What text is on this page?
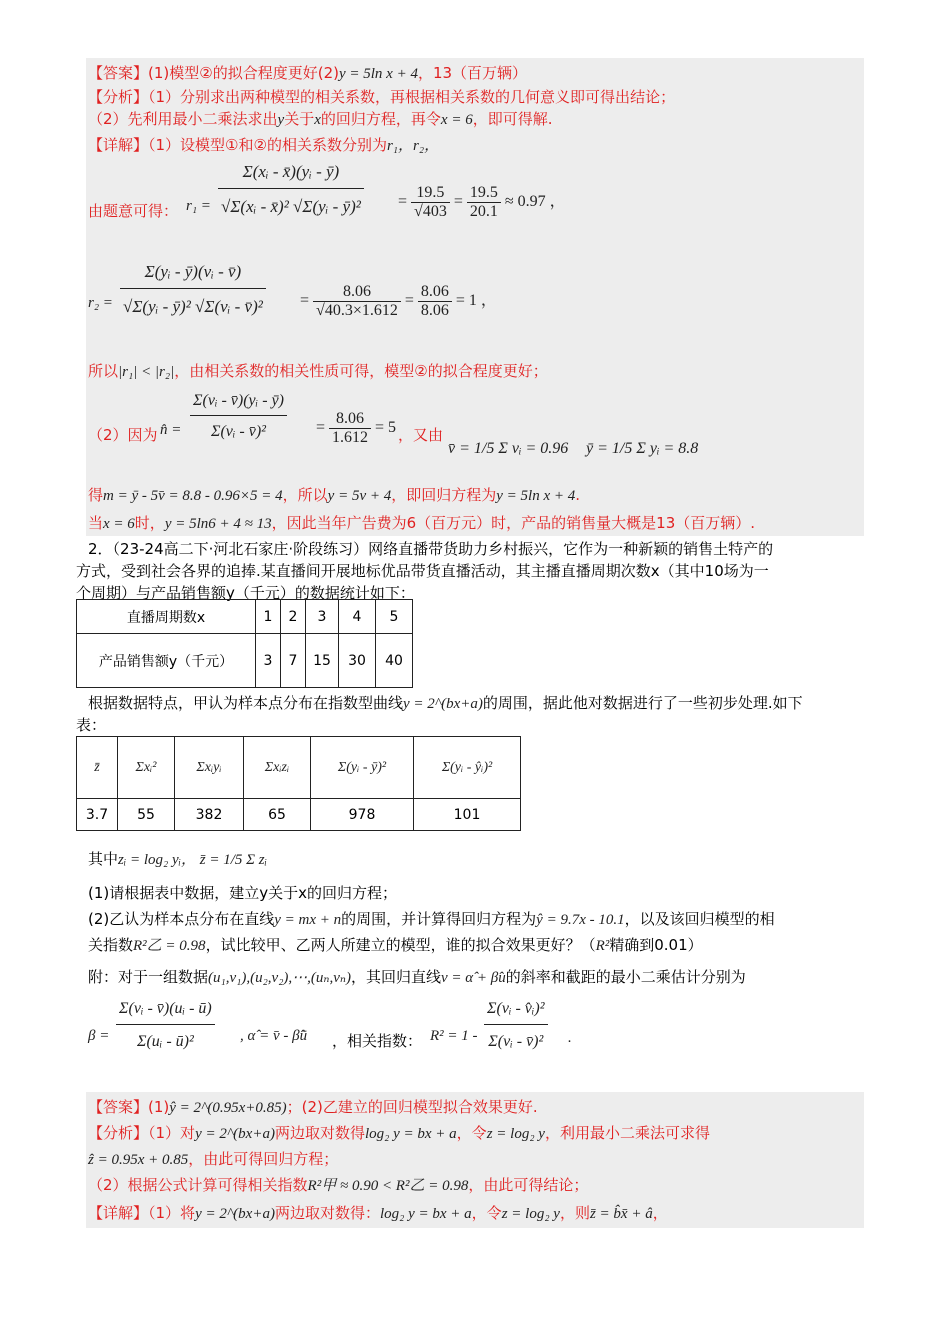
【答案】(1)模型②的拟合程度更好(2)y = 5ln x + 4，13（百万辆）
【分析】（1）分别求出两种模型的相关系数，再根据相关系数的几何意义即可得出结论；
（2）先利用最小二乘法求出y关于x的回归方程，再令x = 6，即可得解.
【详解】（1）设模型①和②的相关系数分别为r₁，r₂，
由题意可得： $r_1 = \frac{\text{Σ(xᵢ - x̄)(yᵢ - ȳ)}}{\text{√Σ(xᵢ - x̄)² √Σ(yᵢ - ȳ)²}} = \frac{19.5}{√403} = \frac{19.5}{20.1} \approx 0.97$ ，
$r_2 = \frac{\text{Σ(yᵢ - ȳ)(vᵢ - v̄)}}{\text{√Σ(yᵢ - ȳ)² √Σ(vᵢ - v̄)²}} = \frac{8.06}{√40.3\times 1.612} = \frac{8.06}{8.06} = 1$ ，
所以|r₁| < |r₂|，由相关系数的相关性质可得，模型②的拟合程度更好；
（2）因为 n̂ = $\frac{\text{Σ(vᵢ - v̄)(yᵢ - ȳ)}}{\text{Σ(vᵢ - v̄)²}} = \frac{8.06}{1.612} = 5$ ，又由
v̄ = 1/5 Σ vᵢ = 0.96 ȳ = 1/5 Σ yᵢ = 8.8
得m = ȳ - 5v̄ = 8.8 - 0.96×5 = 4，所以y = 5v + 4，即回归方程为y = 5ln x + 4.
当x = 6时，y = 5ln6 + 4 ≈ 13，因此当年广告费为6（百万元）时，产品的销售量大概是13（百万辆）.
2．（23-24高二下·河北石家庄·阶段练习）网络直播带货助力乡村振兴，它作为一种新颖的销售土特产的
方式，受到社会各界的追捧.某直播间开展地标优品带货直播活动，其主播直播周期次数x（其中10场为一
个周期）与产品销售额y（千元）的数据统计如下：
直播周期数x	1	2	3	4	5
产品销售额y（千元）	3	7	15	30	40
根据数据特点，甲认为样本点分布在指数型曲线y = 2^(bx+a)的周围，据此他对数据进行了一些初步处理.如下
表：
z̄	Σxᵢ²	Σxᵢyᵢ	Σxᵢzᵢ	Σ(yᵢ - ȳ)²	Σ(yᵢ - ŷᵢ)²
3.7	55	382	65	978	101
其中zᵢ = log₂ yᵢ， z̄ = 1/5 Σ zᵢ
(1)请根据表中数据，建立y关于x的回归方程；
(2)乙认为样本点分布在直线y = mx + n的周围，并计算得回归方程为ŷ = 9.7x - 10.1，以及该回归模型的相
关指数R²乙 = 0.98，试比较甲、乙两人所建立的模型，谁的拟合效果更好？（R²精确到0.01）
附：对于一组数据(u₁,v₁),(u₂,v₂),⋯,(uₙ,vₙ)，其回归直线v = α̂ + β̂u的斜率和截距的最小二乘估计分别为
$\beta = \frac{\text{Σ(vᵢ - v̄)(uᵢ - ū)}}{\text{Σ(uᵢ - ū)²}}$ , α̂ = v̄ - β̂ū ，相关指数： $R^2 = 1 - \frac{\text{Σ(vᵢ - v̂ᵢ)²}}{\text{Σ(vᵢ - v̄)²}}$ .
【答案】(1)ŷ = 2^(0.95x+0.85)；(2)乙建立的回归模型拟合效果更好.
【分析】（1）对y = 2^(bx+a)两边取对数得log₂ y = bx + a，令z = log₂ y，利用最小二乘法可求得
ẑ = 0.95x + 0.85，由此可得回归方程；
（2）根据公式计算可得相关指数R²甲 ≈ 0.90 < R²乙 = 0.98，由此可得结论；
【详解】（1）将y = 2^(bx+a)两边取对数得：log₂ y = bx + a，令z = log₂ y，则z̄ = b̂x̄ + â，
